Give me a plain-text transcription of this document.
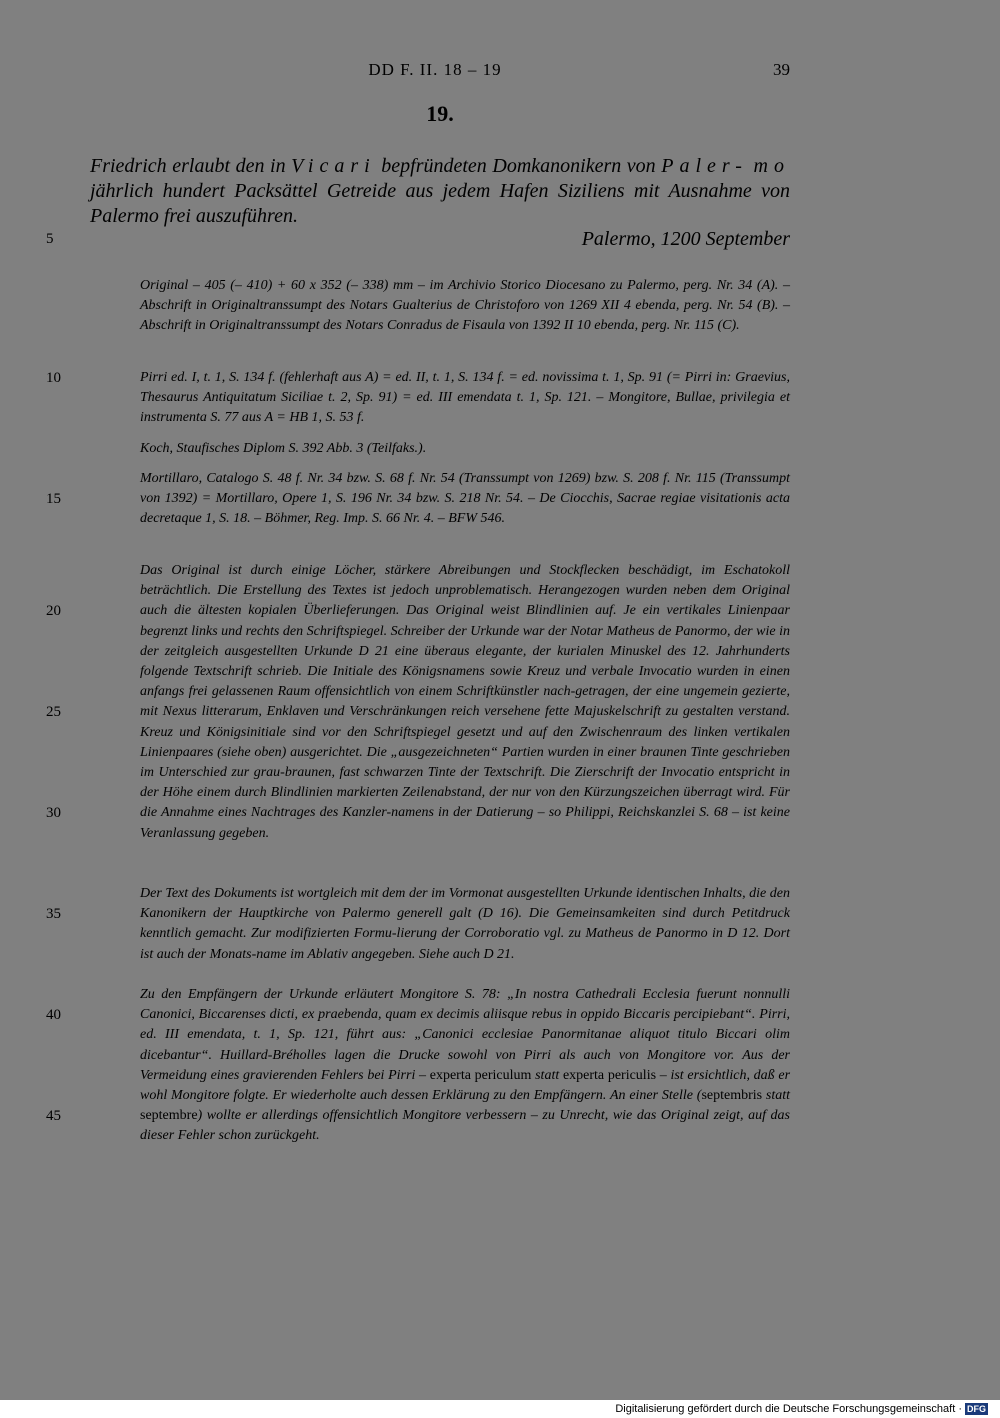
DD F. II. 18 – 19	39
19.

Friedrich erlaubt den in Vicari bepfründeten Domkanonikern von Paler- mo jährlich hundert Packsättel Getreide aus jedem Hafen Siziliens mit Ausnahme von Palermo frei auszuführen.

Palermo, 1200 September
5
10
15
20
25
30
35
40
45

Original – 405 (– 410) + 60 x 352 (– 338) mm – im Archivio Storico Diocesano zu Palermo, perg. Nr. 34 (A). – Abschrift in Originaltranssumpt des Notars Gualterius de Christoforo von 1269 XII 4 ebenda, perg. Nr. 54 (B). – Abschrift in Originaltranssumpt des Notars Conradus de Fisaula von 1392 II 10 ebenda, perg. Nr. 115 (C).

Pirri ed. I, t. 1, S. 134 f. (fehlerhaft aus A) = ed. II, t. 1, S. 134 f. = ed. novissima t. 1, Sp. 91 (= Pirri in: Graevius, Thesaurus Antiquitatum Siciliae t. 2, Sp. 91) = ed. III emendata t. 1, Sp. 121. – Mongitore, Bullae, privilegia et instrumenta S. 77 aus A = HB 1, S. 53 f.

Koch, Staufisches Diplom S. 392 Abb. 3 (Teilfaks.).

Mortillaro, Catalogo S. 48 f. Nr. 34 bzw. S. 68 f. Nr. 54 (Transsumpt von 1269) bzw. S. 208 f. Nr. 115 (Transsumpt von 1392) = Mortillaro, Opere 1, S. 196 Nr. 34 bzw. S. 218 Nr. 54. – De Ciocchis, Sacrae regiae visitationis acta decretaque 1, S. 18. – Böhmer, Reg. Imp. S. 66 Nr. 4. – BFW 546.

Das Original ist durch einige Löcher, stärkere Abreibungen und Stockflecken beschädigt, im Eschatokoll beträchtlich. Die Erstellung des Textes ist jedoch unproblematisch. Herangezogen wurden neben dem Original auch die ältesten kopialen Überlieferungen. Das Original weist Blindlinien auf. Je ein vertikales Linienpaar begrenzt links und rechts den Schriftspiegel. Schreiber der Urkunde war der Notar Matheus de Panormo, der wie in der zeitgleich ausgestellten Urkunde D 21 eine überaus elegante, der kurialen Minuskel des 12. Jahrhunderts folgende Textschrift schrieb. Die Initiale des Königsnamens sowie Kreuz und verbale Invocatio wurden in einen anfangs frei gelassenen Raum offensichtlich von einem Schriftkünstler nach-getragen, der eine ungemein gezierte, mit Nexus litterarum, Enklaven und Verschränkungen reich versehene fette Majuskelschrift zu gestalten verstand. Kreuz und Königsinitiale sind vor den Schriftspiegel gesetzt und auf den Zwischenraum des linken vertikalen Linienpaares (siehe oben) ausgerichtet. Die „ausgezeichneten“ Partien wurden in einer braunen Tinte geschrieben im Unterschied zur grau-braunen, fast schwarzen Tinte der Textschrift. Die Zierschrift der Invocatio entspricht in der Höhe einem durch Blindlinien markierten Zeilenabstand, der nur von den Kürzungszeichen überragt wird. Für die Annahme eines Nachtrages des Kanzler-namens in der Datierung – so Philippi, Reichskanzlei S. 68 – ist keine Veranlassung gegeben.

Der Text des Dokuments ist wortgleich mit dem der im Vormonat ausgestellten Urkunde identischen Inhalts, die den Kanonikern der Hauptkirche von Palermo generell galt (D 16). Die Gemeinsamkeiten sind durch Petitdruck kenntlich gemacht. Zur modifizierten Formu-lierung der Corroboratio vgl. zu Matheus de Panormo in D 12. Dort ist auch der Monats-name im Ablativ angegeben. Siehe auch D 21.

Zu den Empfängern der Urkunde erläutert Mongitore S. 78: „In nostra Cathedrali Ecclesia fuerunt nonnulli Canonici, Biccarenses dicti, ex praebenda, quam ex decimis aliisque rebus in oppido Biccaris percipiebant“. Pirri, ed. III emendata, t. 1, Sp. 121, führt aus: „Canonici ecclesiae Panormitanae aliquot titulo Biccari olim dicebantur“. Huillard-Bréholles lagen die Drucke sowohl von Pirri als auch von Mongitore vor. Aus der Vermeidung eines gravierenden Fehlers bei Pirri – experta periculum statt experta periculis – ist ersichtlich, daß er wohl Mongitore folgte. Er wiederholte auch dessen Erklärung zu den Empfängern. An einer Stelle (septembris statt septembre) wollte er allerdings offensichtlich Mongitore verbessern – zu Unrecht, wie das Original zeigt, auf das dieser Fehler schon zurückgeht.

Digitalisierung gefördert durch die Deutsche Forschungsgemeinschaft · DFG
